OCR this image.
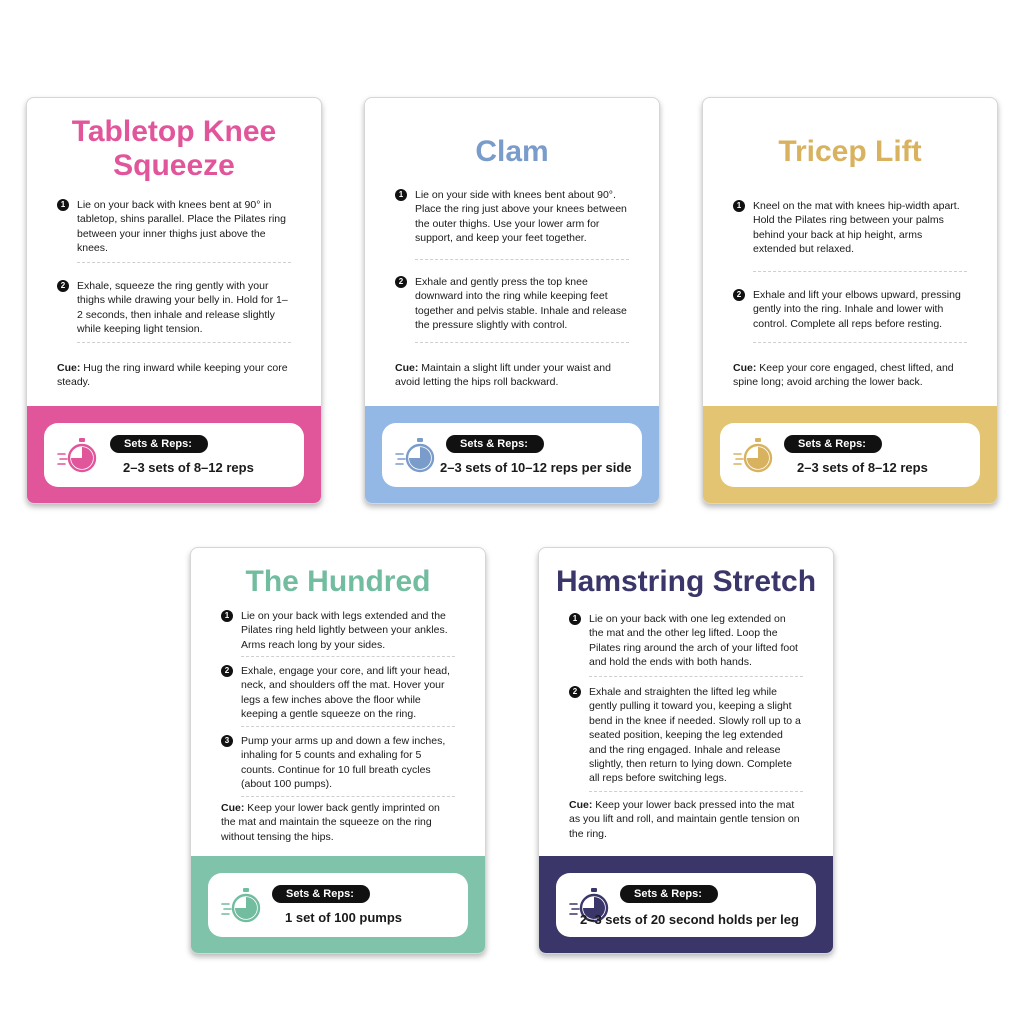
Tabletop Knee
Squeeze
1	Lie on your back with knees bent at 90° in tabletop, shins parallel. Place the Pilates ring between your inner thighs just above the knees.
2	Exhale, squeeze the ring gently with your thighs while drawing your belly in. Hold for 1–2 seconds, then inhale and release slightly while keeping light tension.
Cue: Hug the ring inward while keeping your core steady.
Sets & Reps:
2–3 sets of 8–12 reps
Clam
1	Lie on your side with knees bent about 90°. Place the ring just above your knees between the outer thighs. Use your lower arm for support, and keep your feet together.
2	Exhale and gently press the top knee downward into the ring while keeping feet together and pelvis stable. Inhale and release the pressure slightly with control.
Cue: Maintain a slight lift under your waist and avoid letting the hips roll backward.
Sets & Reps:
2–3 sets of 10–12 reps per side
Tricep Lift
1	Kneel on the mat with knees hip-width apart. Hold the Pilates ring between your palms behind your back at hip height, arms extended but relaxed.
2	Exhale and lift your elbows upward, pressing gently into the ring. Inhale and lower with control. Complete all reps before resting.
Cue: Keep your core engaged, chest lifted, and spine long; avoid arching the lower back.
Sets & Reps:
2–3 sets of 8–12 reps
The Hundred
1	Lie on your back with legs extended and the Pilates ring held lightly between your ankles. Arms reach long by your sides.
2	Exhale, engage your core, and lift your head, neck, and shoulders off the mat. Hover your legs a few inches above the floor while keeping a gentle squeeze on the ring.
3	Pump your arms up and down a few inches, inhaling for 5 counts and exhaling for 5 counts. Continue for 10 full breath cycles (about 100 pumps).
Cue: Keep your lower back gently imprinted on the mat and maintain the squeeze on the ring without tensing the hips.
Sets & Reps:
1 set of 100 pumps
Hamstring Stretch
1	Lie on your back with one leg extended on the mat and the other leg lifted. Loop the Pilates ring around the arch of your lifted foot and hold the ends with both hands.
2	Exhale and straighten the lifted leg while gently pulling it toward you, keeping a slight bend in the knee if needed. Slowly roll up to a seated position, keeping the leg extended and the ring engaged. Inhale and release slightly, then return to lying down. Complete all reps before switching legs.
Cue: Keep your lower back pressed into the mat as you lift and roll, and maintain gentle tension on the ring.
Sets & Reps:
2–3 sets of 20 second holds per leg
